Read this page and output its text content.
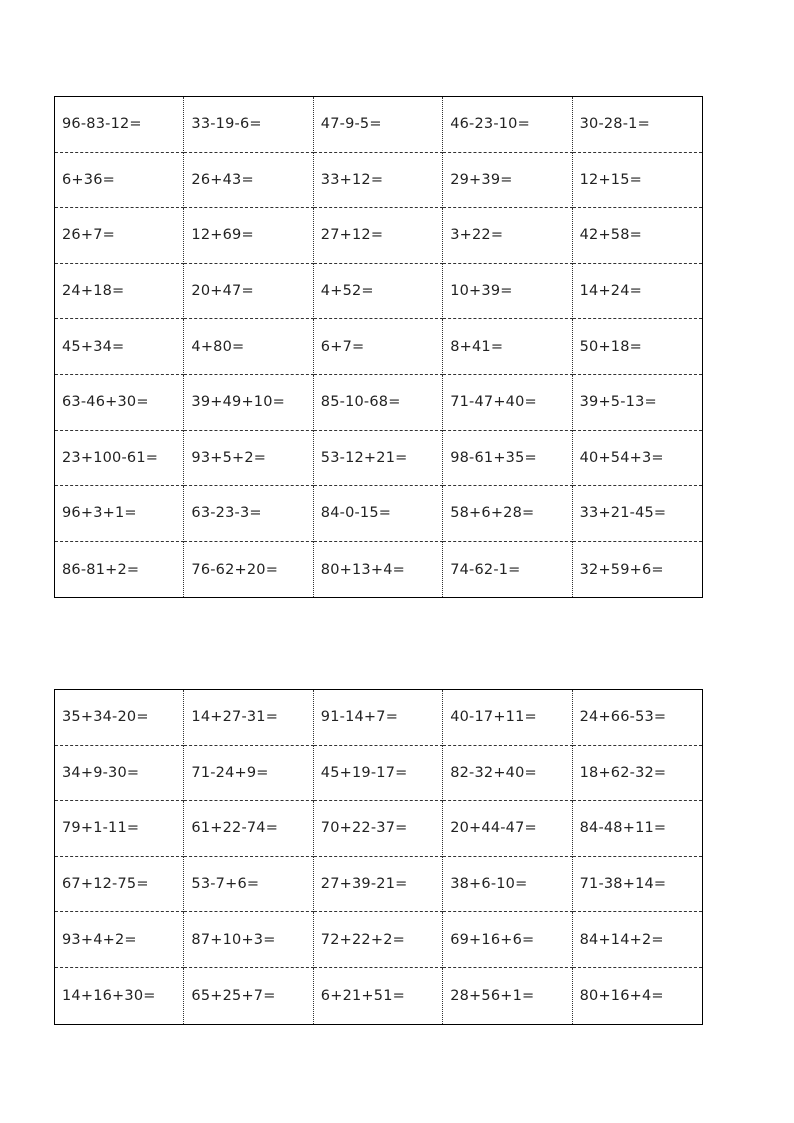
96-83-12=	33-19-6=	47-9-5=	46-23-10=	30-28-1=
6+36=	26+43=	33+12=	29+39=	12+15=
26+7=	12+69=	27+12=	3+22=	42+58=
24+18=	20+47=	4+52=	10+39=	14+24=
45+34=	4+80=	6+7=	8+41=	50+18=
63-46+30=	39+49+10=	85-10-68=	71-47+40=	39+5-13=
23+100-61=	93+5+2=	53-12+21=	98-61+35=	40+54+3=
96+3+1=	63-23-3=	84-0-15=	58+6+28=	33+21-45=
86-81+2=	76-62+20=	80+13+4=	74-62-1=	32+59+6=
35+34-20=	14+27-31=	91-14+7=	40-17+11=	24+66-53=
34+9-30=	71-24+9=	45+19-17=	82-32+40=	18+62-32=
79+1-11=	61+22-74=	70+22-37=	20+44-47=	84-48+11=
67+12-75=	53-7+6=	27+39-21=	38+6-10=	71-38+14=
93+4+2=	87+10+3=	72+22+2=	69+16+6=	84+14+2=
14+16+30=	65+25+7=	6+21+51=	28+56+1=	80+16+4=
